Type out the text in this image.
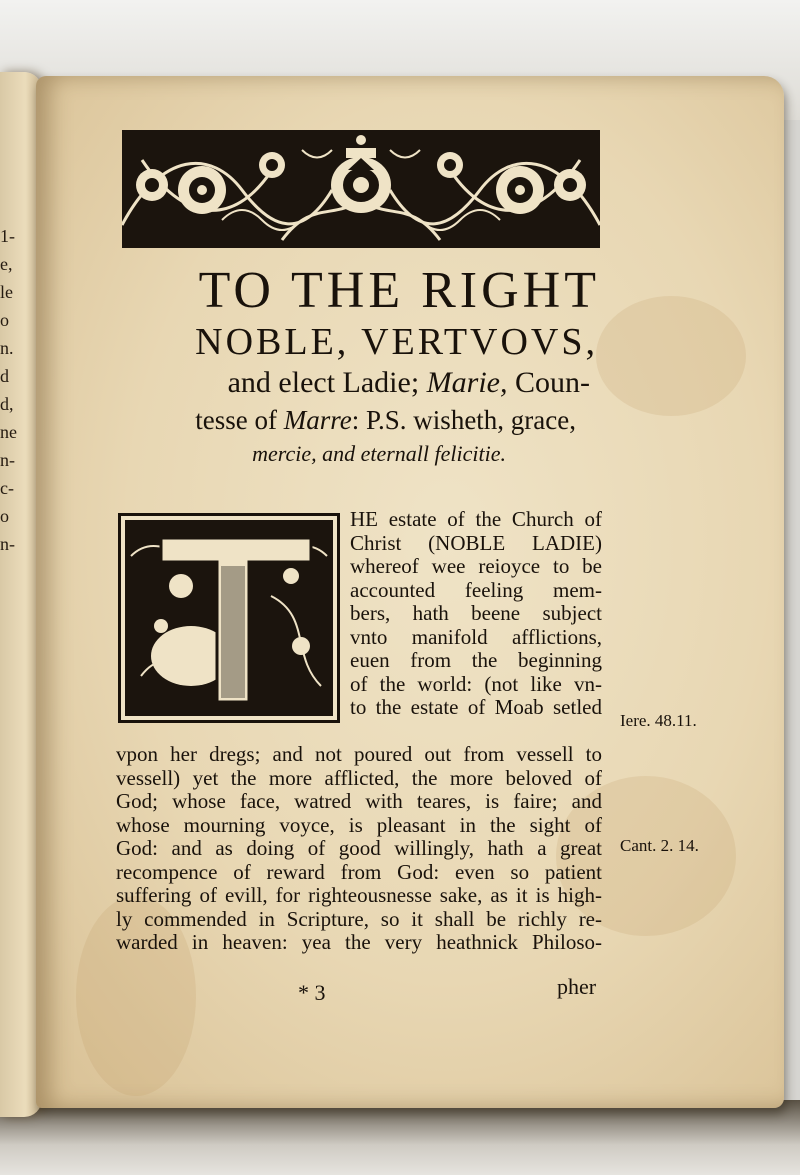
1-
e,
le
o
n.
d
d,
ne
n-
c-
o
n-
TO THE RIGHT
NOBLE, VERTVOVS,
and elect Ladie; Marie, Coun-
tesse of Marre: P.S. wisheth, grace,
mercie, and eternall felicitie.
HE estate of the Church of
Christ (NOBLE LADIE)
whereof wee reioyce to be
accounted feeling mem-
bers, hath beene subject
vnto manifold afflictions,
euen from the beginning
of the world: (not like vn-
to the estate of Moab setled
vpon her dregs; and not poured out from vessell to
vessell) yet the more afflicted, the more beloved of
God; whose face, watred with teares, is faire; and
whose mourning voyce, is pleasant in the sight of
God: and as doing of good willingly, hath a great
recompence of reward from God: even so patient
suffering of evill, for righteousnesse sake, as it is high-
ly commended in Scripture, so it shall be richly re-
warded in heaven: yea the very heathnick Philoso-
Iere. 48.11.
Cant. 2. 14.
* 3	pher
